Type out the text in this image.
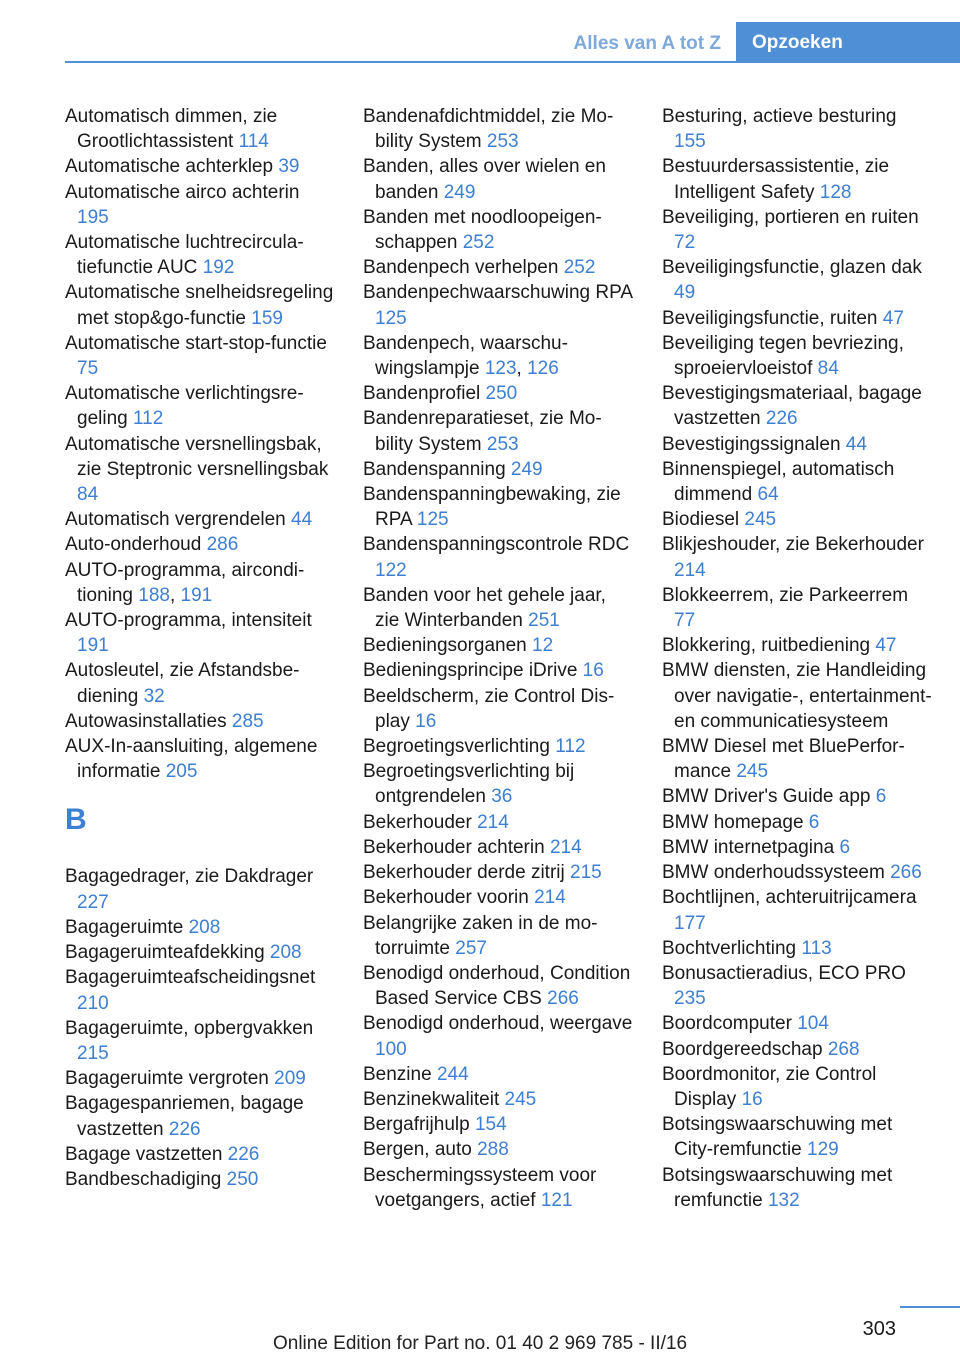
Alles van A tot Z	Opzoeken
Automatisch dimmen, zie Grootlichtassistent 114
Automatische achterklep 39
Automatische airco achterin 195
Automatische luchtrecirculatiefunctie AUC 192
Automatische snelheidsregeling met stop&go-functie 159
Automatische start-stop-functie 75
Automatische verlichtingsregeling 112
Automatische versnellingsbak, zie Steptronic versnellingsbak 84
Automatisch vergrendelen 44
Auto-onderhoud 286
AUTO-programma, airconditioning 188, 191
AUTO-programma, intensiteit 191
Autosleutel, zie Afstandsbediening 32
Autowasinstallaties 285
AUX-In-aansluiting, algemene informatie 205
B
Bagagedrager, zie Dakdrager 227
Bagageruimte 208
Bagageruimteafdekking 208
Bagageruimteafscheidingsnet 210
Bagageruimte, opbergvakken 215
Bagageruimte vergroten 209
Bagagespanriemen, bagage vastzetten 226
Bagage vastzetten 226
Bandbeschadiging 250
Bandenafdichtmiddel, zie Mobility System 253
Banden, alles over wielen en banden 249
Banden met noodloopeigenschappen 252
Bandenpech verhelpen 252
Bandenpechwaarschuwing RPA 125
Bandenpech, waarschuwingslampje 123, 126
Bandenprofiel 250
Bandenreparatieset, zie Mobility System 253
Bandenspanning 249
Bandenspanningbewaking, zie RPA 125
Bandenspanningscontrole RDC 122
Banden voor het gehele jaar, zie Winterbanden 251
Bedieningsorganen 12
Bedieningsprincipe iDrive 16
Beeldscherm, zie Control Display 16
Begroetingsverlichting 112
Begroetingsverlichting bij ontgrendelen 36
Bekerhouder 214
Bekerhouder achterin 214
Bekerhouder derde zitrij 215
Bekerhouder voorin 214
Belangrijke zaken in de motorruimte 257
Benodigd onderhoud, Condition Based Service CBS 266
Benodigd onderhoud, weergave 100
Benzine 244
Benzinekwaliteit 245
Bergafrijhulp 154
Bergen, auto 288
Beschermingssysteem voor voetgangers, actief 121
Besturing, actieve besturing 155
Bestuurdersassistentie, zie Intelligent Safety 128
Beveiliging, portieren en ruiten 72
Beveiligingsfunctie, glazen dak 49
Beveiligingsfunctie, ruiten 47
Beveiliging tegen bevriezing, sproeiervloeistof 84
Bevestigingsmateriaal, bagage vastzetten 226
Bevestigingssignalen 44
Binnenspiegel, automatisch dimmend 64
Biodiesel 245
Blikjeshouder, zie Bekerhouder 214
Blokkeerrem, zie Parkeerrem 77
Blokkering, ruitbediening 47
BMW diensten, zie Handleiding over navigatie-, entertainment- en communicatiesysteem
BMW Diesel met BluePerformance 245
BMW Driver's Guide app 6
BMW homepage 6
BMW internetpagina 6
BMW onderhoudssysteem 266
Bochtlijnen, achteruitrijcamera 177
Bochtverlichting 113
Bonusactieradius, ECO PRO 235
Boordcomputer 104
Boordgereedschap 268
Boordmonitor, zie Control Display 16
Botsingswaarschuwing met City-remfunctie 129
Botsingswaarschuwing met remfunctie 132
303
Online Edition for Part no. 01 40 2 969 785 - II/16
